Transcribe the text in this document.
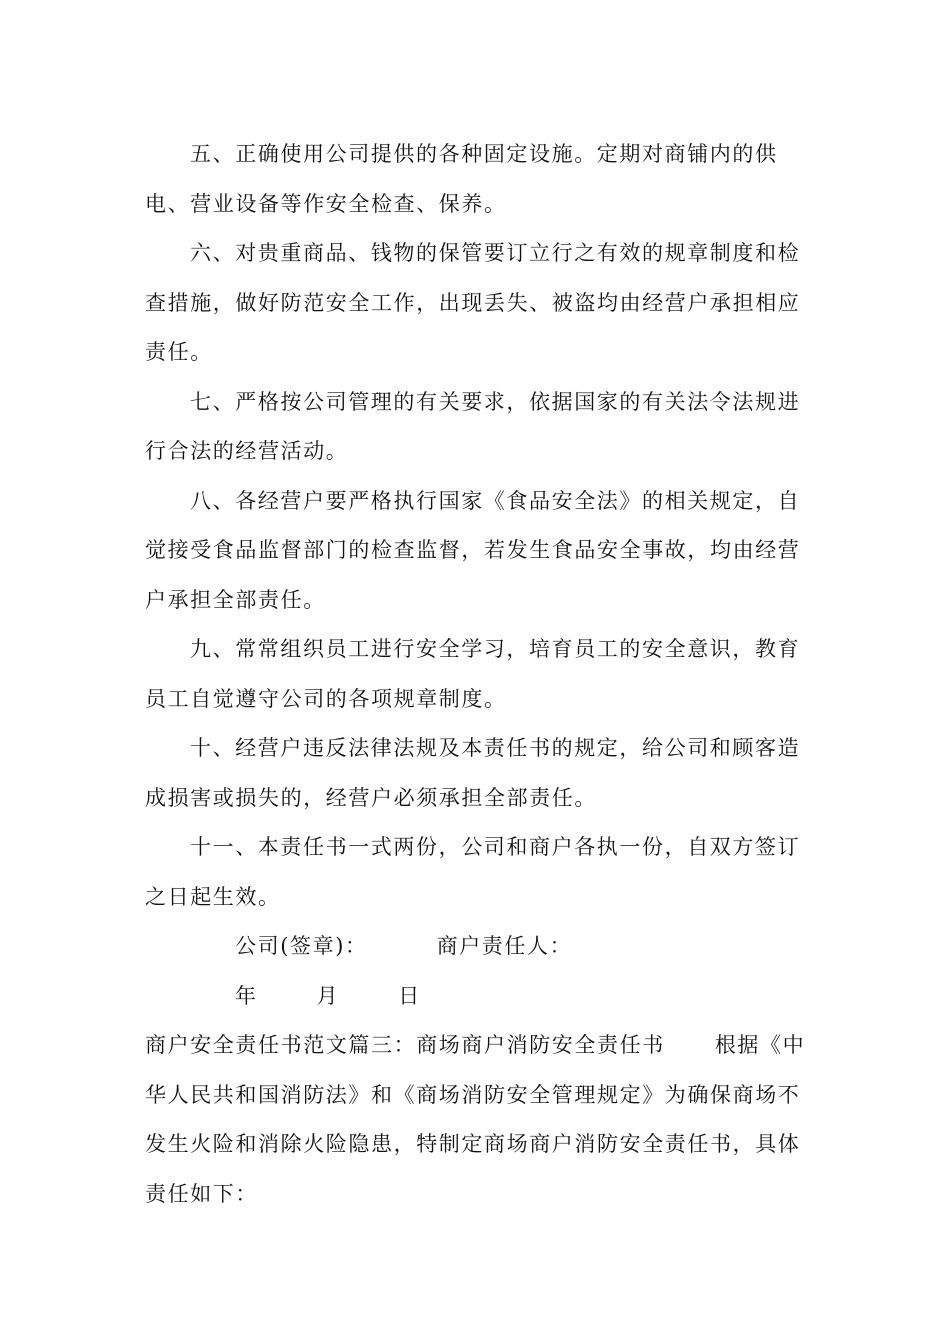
五、正确使用公司提供的各种固定设施。定期对商铺内的供电、营业设备等作安全检查、保养。

六、对贵重商品、钱物的保管要订立行之有效的规章制度和检查措施，做好防范安全工作，出现丢失、被盗均由经营户承担相应责任。

七、严格按公司管理的有关要求，依据国家的有关法令法规进行合法的经营活动。

八、各经营户要严格执行国家《食品安全法》的相关规定，自觉接受食品监督部门的检查监督，若发生食品安全事故，均由经营户承担全部责任。

九、常常组织员工进行安全学习，培育员工的安全意识，教育员工自觉遵守公司的各项规章制度。

十、经营户违反法律法规及本责任书的规定，给公司和顾客造成损害或损失的，经营户必须承担全部责任。

十一、本责任书一式两份，公司和商户各执一份，自双方签订之日起生效。

公司(签章)：	商户责任人：

年	月	日

商户安全责任书范文篇三：商场商户消防安全责任书 根据《中华人民共和国消防法》和《商场消防安全管理规定》为确保商场不发生火险和消除火险隐患，特制定商场商户消防安全责任书，具体责任如下：
